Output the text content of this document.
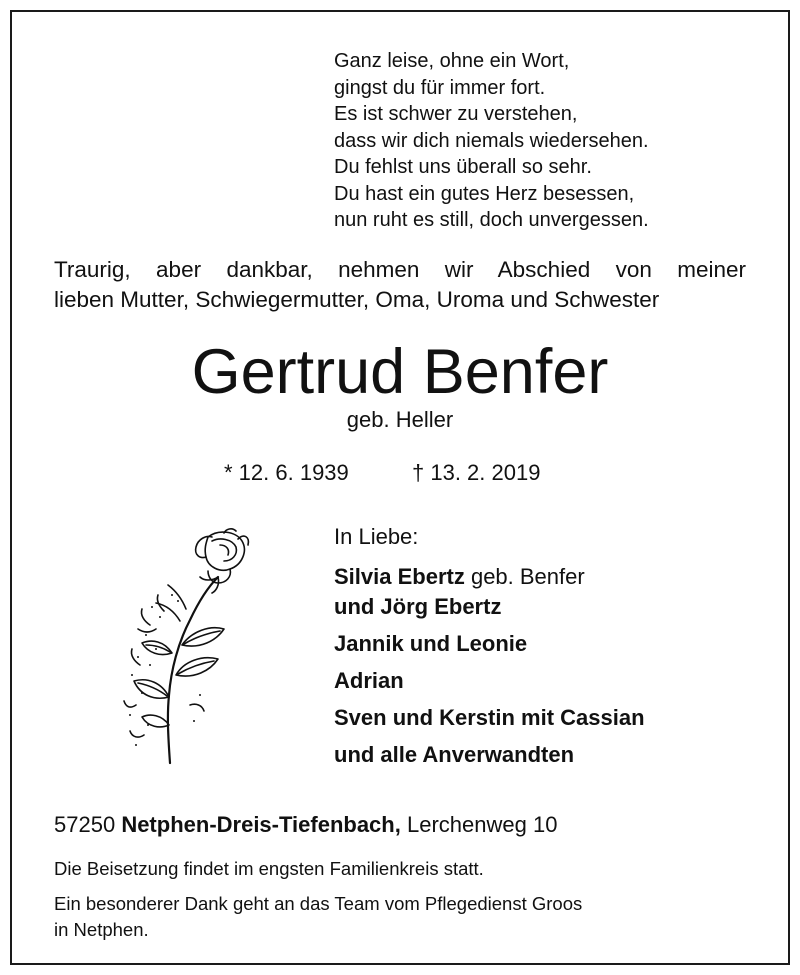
Ganz leise, ohne ein Wort,
gingst du für immer fort.
Es ist schwer zu verstehen,
dass wir dich niemals wiedersehen.
Du fehlst uns überall so sehr.
Du hast ein gutes Herz besessen,
nun ruht es still, doch unvergessen.
Traurig, aber dankbar, nehmen wir Abschied von meiner
lieben Mutter, Schwiegermutter, Oma, Uroma und Schwester
Gertrud Benfer
geb. Heller
* 12. 6. 1939	† 13. 2. 2019
In Liebe:
Silvia Ebertz geb. Benfer
und Jörg Ebertz
Jannik und Leonie
Adrian
Sven und Kerstin mit Cassian
und alle Anverwandten
57250 Netphen-Dreis-Tiefenbach, Lerchenweg 10
Die Beisetzung findet im engsten Familienkreis statt.
Ein besonderer Dank geht an das Team vom Pflegedienst Groos
in Netphen.
